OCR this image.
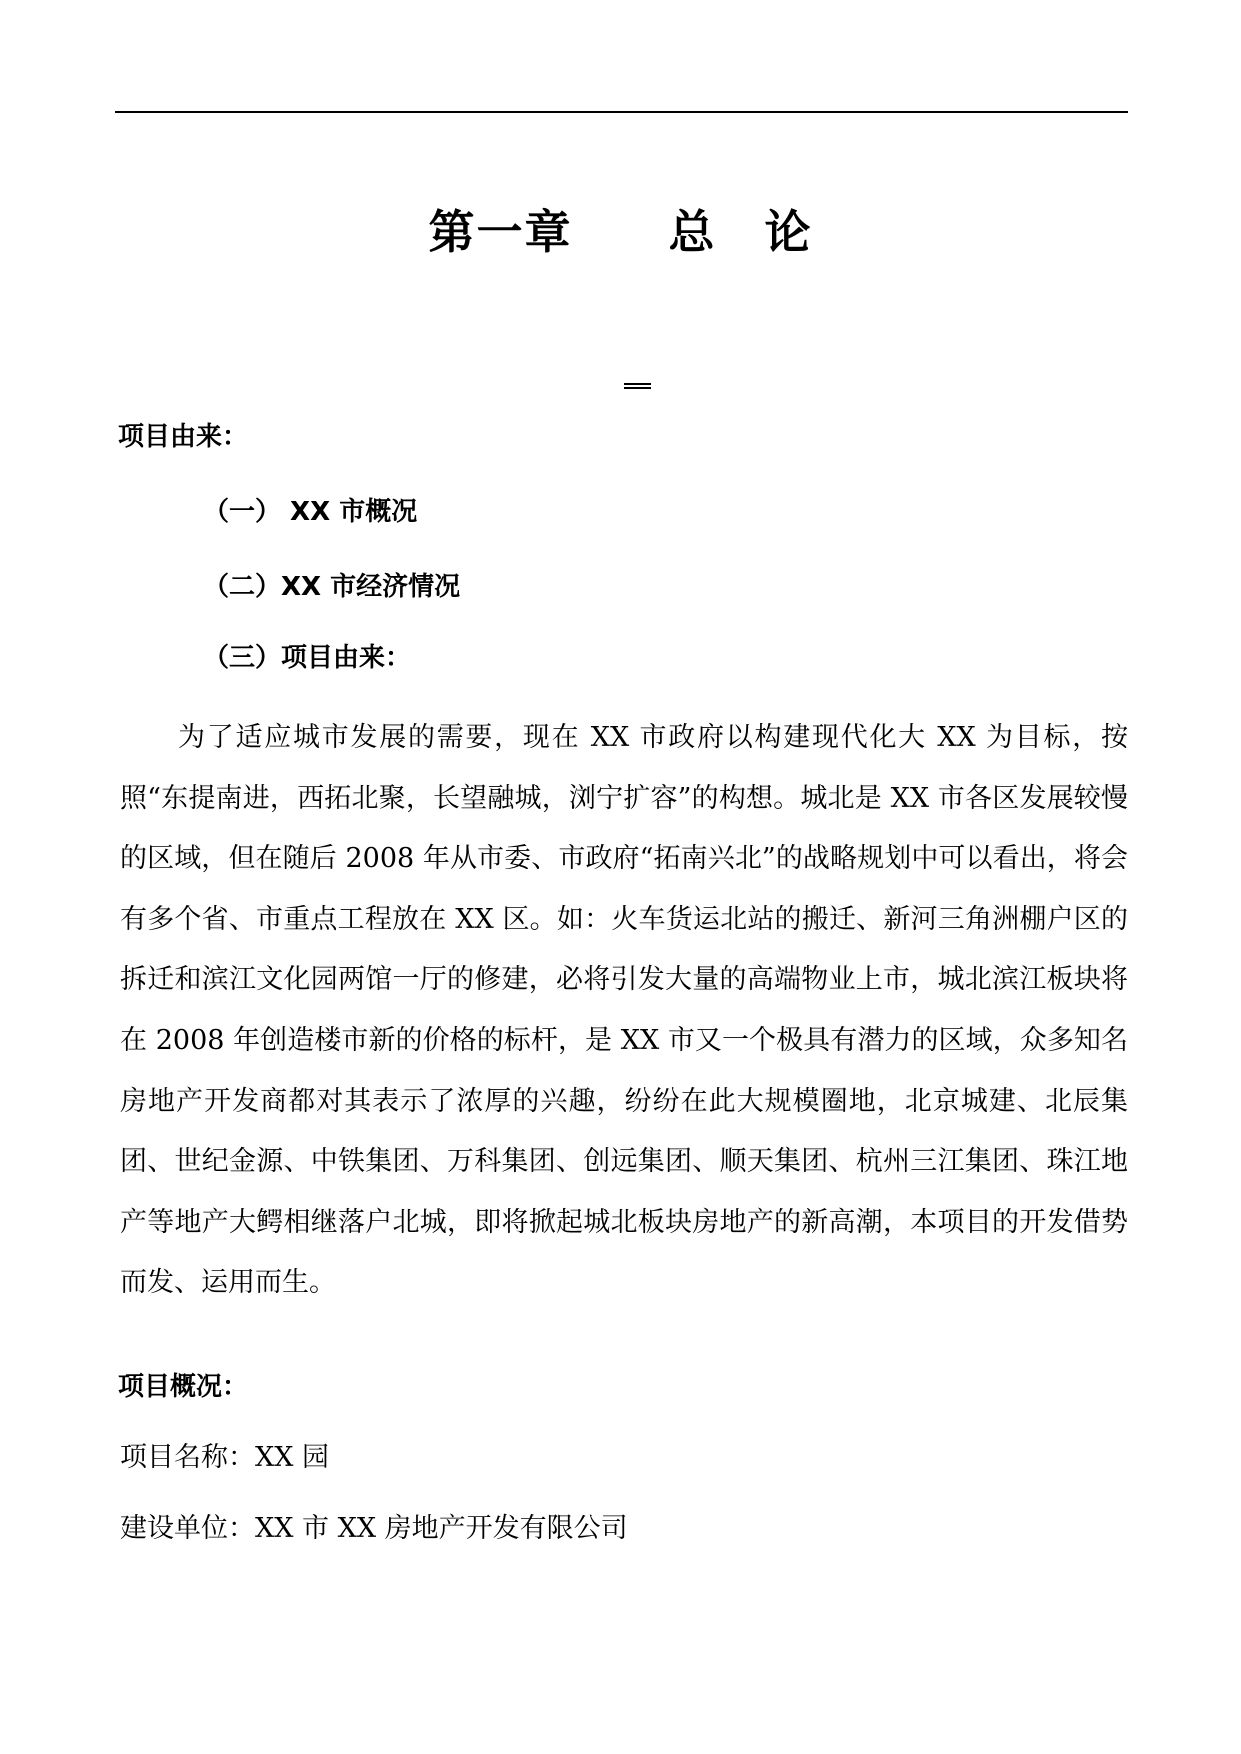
第一章　　总　论
项目由来：
（一） XX 市概况
（二）XX 市经济情况
（三）项目由来：

为了适应城市发展的需要，现在 XX 市政府以构建现代化大 XX 为目标，按照“东提南进，西拓北聚，长望融城，浏宁扩容”的构想。城北是 XX 市各区发展较慢的区域，但在随后 2008 年从市委、市政府“拓南兴北”的战略规划中可以看出，将会有多个省、市重点工程放在 XX 区。如：火车货运北站的搬迁、新河三角洲棚户区的拆迁和滨江文化园两馆一厅的修建，必将引发大量的高端物业上市，城北滨江板块将在 2008 年创造楼市新的价格的标杆，是 XX 市又一个极具有潜力的区域，众多知名房地产开发商都对其表示了浓厚的兴趣，纷纷在此大规模圈地，北京城建、北辰集团、世纪金源、中铁集团、万科集团、创远集团、顺天集团、杭州三江集团、珠江地产等地产大鳄相继落户北城，即将掀起城北板块房地产的新高潮，本项目的开发借势而发、运用而生。

项目概况：
项目名称：XX 园
建设单位：XX 市 XX 房地产开发有限公司
